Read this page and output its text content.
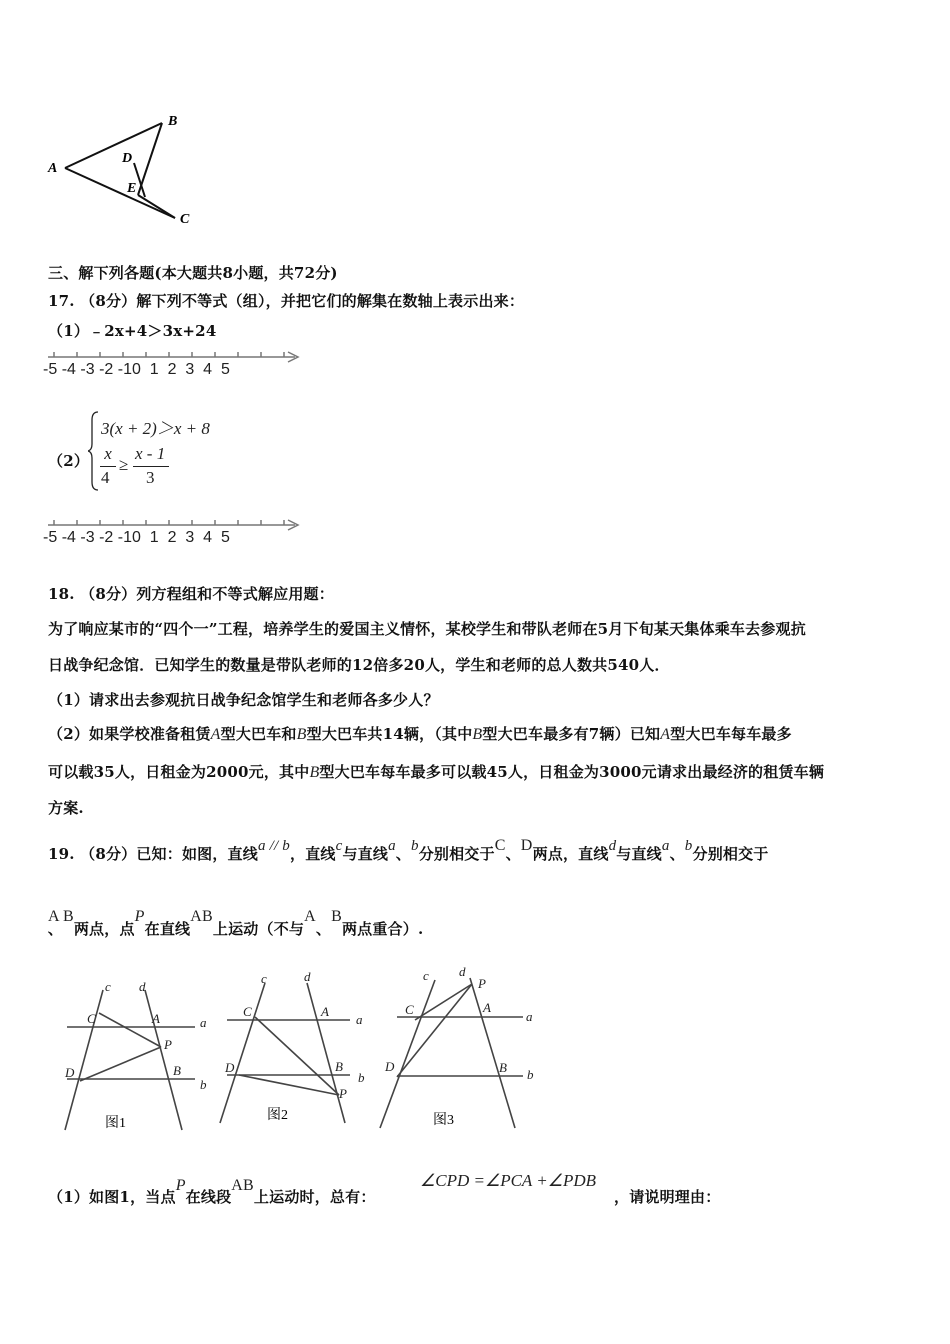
A
B
C
D
E
三、解下列各题(本大题共8小题，共72分)
17. （8分）解下列不等式（组），并把它们的解集在数轴上表示出来：
（1）﹣2x+4＞3x+24
-5 -4 -3 -2 -10 1 2 3 4 5
（2）
3(x + 2)＞x + 8
x
4
≥
x - 1
3
-5 -4 -3 -2 -10 1 2 3 4 5
18. （8分）列方程组和不等式解应用题：
为了响应某市的“四个一”工程，培养学生的爱国主义情怀，某校学生和带队老师在5月下旬某天集体乘车去参观抗
日战争纪念馆．已知学生的数量是带队老师的12倍多20人，学生和老师的总人数共540人．
（1）请求出去参观抗日战争纪念馆学生和老师各多少人？
（2）如果学校准备租赁A型大巴车和B型大巴车共14辆，（其中B型大巴车最多有7辆）已知A型大巴车每车最多
可以载35人，日租金为2000元，其中B型大巴车每车最多可以载45人，日租金为3000元请求出最经济的租赁车辆
方案.
19. （8分）已知：如图，直线a // b，直线c与直线a、b分别相交于C、D两点，直线d与直线a、b分别相交于
A、B两点，点P在直线AB上运动（不与A、B两点重合）.
c d
C	A	a
P
D	B
b
图1
c	d
C	A
a
D	B
b
P
图2
c d
P
C	A
a
D	B b
图3
（1）如图1，当点P在线段AB上运动时，总有：
∠CPD =∠PCA +∠PDB
，请说明理由：
